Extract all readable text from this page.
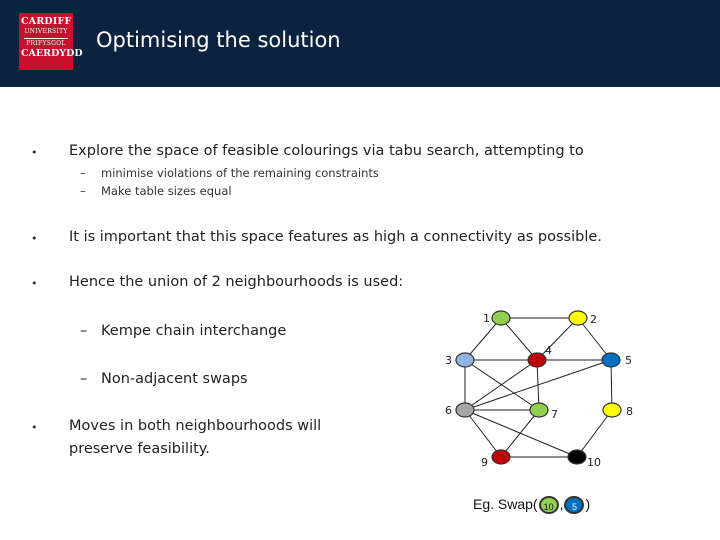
CARDIFF
UNIVERSITY
PRIFYSGOL
CAERDYDD
Optimising the solution
• Explore the space of feasible colourings via tabu search, attempting to
– minimise violations of the remaining constraints
– Make table sizes equal
• It is important that this space features as high a connectivity as possible.
• Hence the union of 2 neighbourhoods is used:
– Kempe chain interchange
– Non-adjacent swaps
• Moves in both neighbourhoods will preserve feasibility.
1	2
3
4
5
6	7	8
9	10
Eg. Swap( 10 , 5 )
